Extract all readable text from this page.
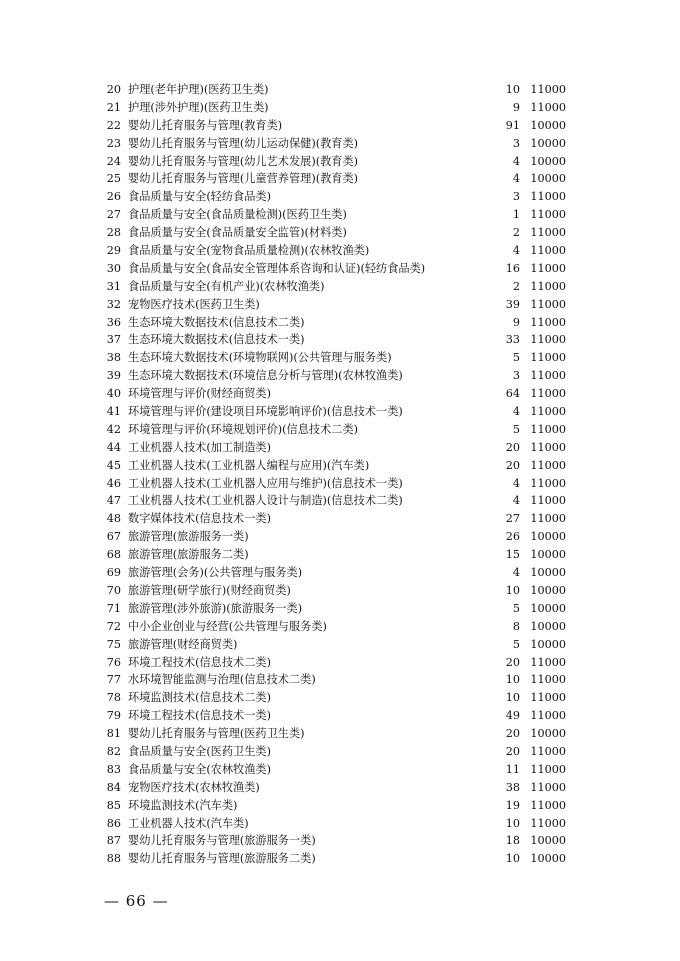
20 护理(老年护理)(医药卫生类)	10 11000
21 护理(涉外护理)(医药卫生类)	9 11000
22 婴幼儿托育服务与管理(教育类)	91 10000
23 婴幼儿托育服务与管理(幼儿运动保健)(教育类)	3 10000
24 婴幼儿托育服务与管理(幼儿艺术发展)(教育类)	4 10000
25 婴幼儿托育服务与管理(儿童营养管理)(教育类)	4 10000
26 食品质量与安全(轻纺食品类)	3 11000
27 食品质量与安全(食品质量检测)(医药卫生类)	1 11000
28 食品质量与安全(食品质量安全监管)(材料类)	2 11000
29 食品质量与安全(宠物食品质量检测)(农林牧渔类)	4 11000
30 食品质量与安全(食品安全管理体系咨询和认证)(轻纺食品类)	16 11000
31 食品质量与安全(有机产业)(农林牧渔类)	2 11000
32 宠物医疗技术(医药卫生类)	39 11000
36 生态环境大数据技术(信息技术二类)	9 11000
37 生态环境大数据技术(信息技术一类)	33 11000
38 生态环境大数据技术(环境物联网)(公共管理与服务类)	5 11000
39 生态环境大数据技术(环境信息分析与管理)(农林牧渔类)	3 11000
40 环境管理与评价(财经商贸类)	64 11000
41 环境管理与评价(建设项目环境影响评价)(信息技术一类)	4 11000
42 环境管理与评价(环境规划评价)(信息技术二类)	5 11000
44 工业机器人技术(加工制造类)	20 11000
45 工业机器人技术(工业机器人编程与应用)(汽车类)	20 11000
46 工业机器人技术(工业机器人应用与维护)(信息技术一类)	4 11000
47 工业机器人技术(工业机器人设计与制造)(信息技术二类)	4 11000
48 数字媒体技术(信息技术一类)	27 11000
67 旅游管理(旅游服务一类)	26 10000
68 旅游管理(旅游服务二类)	15 10000
69 旅游管理(会务)(公共管理与服务类)	4 10000
70 旅游管理(研学旅行)(财经商贸类)	10 10000
71 旅游管理(涉外旅游)(旅游服务一类)	5 10000
72 中小企业创业与经营(公共管理与服务类)	8 10000
75 旅游管理(财经商贸类)	5 10000
76 环境工程技术(信息技术二类)	20 11000
77 水环境智能监测与治理(信息技术二类)	10 11000
78 环境监测技术(信息技术二类)	10 11000
79 环境工程技术(信息技术一类)	49 11000
81 婴幼儿托育服务与管理(医药卫生类)	20 10000
82 食品质量与安全(医药卫生类)	20 11000
83 食品质量与安全(农林牧渔类)	11 11000
84 宠物医疗技术(农林牧渔类)	38 11000
85 环境监测技术(汽车类)	19 11000
86 工业机器人技术(汽车类)	10 11000
87 婴幼儿托育服务与管理(旅游服务一类)	18 10000
88 婴幼儿托育服务与管理(旅游服务二类)	10 10000
— 66 —
